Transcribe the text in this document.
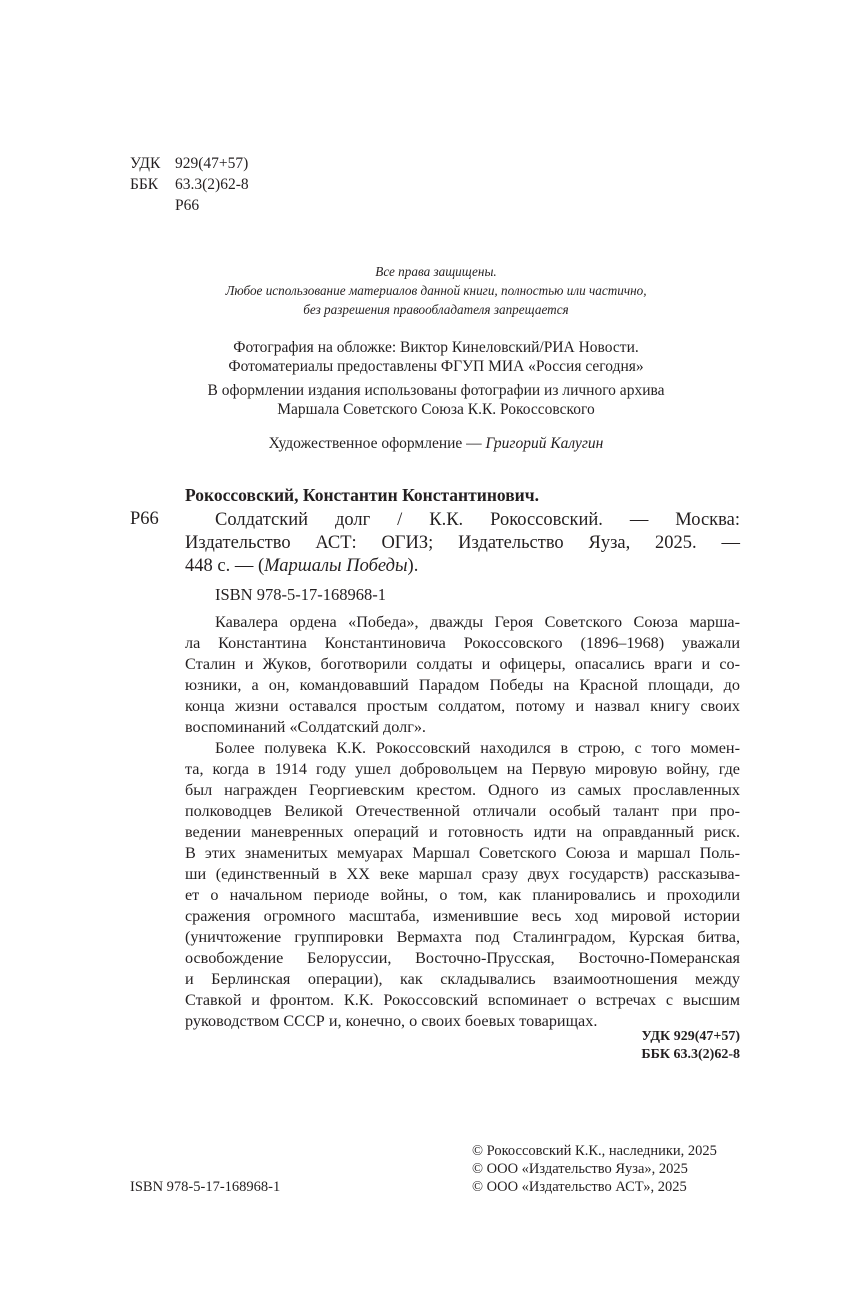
УДК 929(47+57)
ББК 63.3(2)62-8
Р66
Все права защищены.
Любое использование материалов данной книги, полностью или частично,
без разрешения правообладателя запрещается
Фотография на обложке: Виктор Кинеловский/РИА Новости.
Фотоматериалы предоставлены ФГУП МИА «Россия сегодня»
В оформлении издания использованы фотографии из личного архива
Маршала Советского Союза К.К. Рокоссовского
Художественное оформление — Григорий Калугин
Рокоссовский, Константин Константинович.
Р66	Солдатский долг / К.К. Рокоссовский. — Москва:
Издательство АСТ: ОГИЗ; Издательство Яуза, 2025. —
448 с. — (Маршалы Победы).
ISBN 978-5-17-168968-1
Кавалера ордена «Победа», дважды Героя Советского Союза марша-
ла Константина Константиновича Рокоссовского (1896–1968) уважали
Сталин и Жуков, боготворили солдаты и офицеры, опасались враги и со-
юзники, а он, командовавший Парадом Победы на Красной площади, до
конца жизни оставался простым солдатом, потому и назвал книгу своих
воспоминаний «Солдатский долг».
Более полувека К.К. Рокоссовский находился в строю, с того момен-
та, когда в 1914 году ушел добровольцем на Первую мировую войну, где
был награжден Георгиевским крестом. Одного из самых прославленных
полководцев Великой Отечественной отличали особый талант при про-
ведении маневренных операций и готовность идти на оправданный риск.
В этих знаменитых мемуарах Маршал Советского Союза и маршал Поль-
ши (единственный в XX веке маршал сразу двух государств) рассказыва-
ет о начальном периоде войны, о том, как планировались и проходили
сражения огромного масштаба, изменившие весь ход мировой истории
(уничтожение группировки Вермахта под Сталинградом, Курская битва,
освобождение Белоруссии, Восточно-Прусская, Восточно-Померанская
и Берлинская операции), как складывались взаимоотношения между
Ставкой и фронтом. К.К. Рокоссовский вспоминает о встречах с высшим
руководством СССР и, конечно, о своих боевых товарищах.
УДК 929(47+57)
ББК 63.3(2)62-8
© Рокоссовский К.К., наследники, 2025
© ООО «Издательство Яуза», 2025
© ООО «Издательство АСТ», 2025
ISBN 978-5-17-168968-1
